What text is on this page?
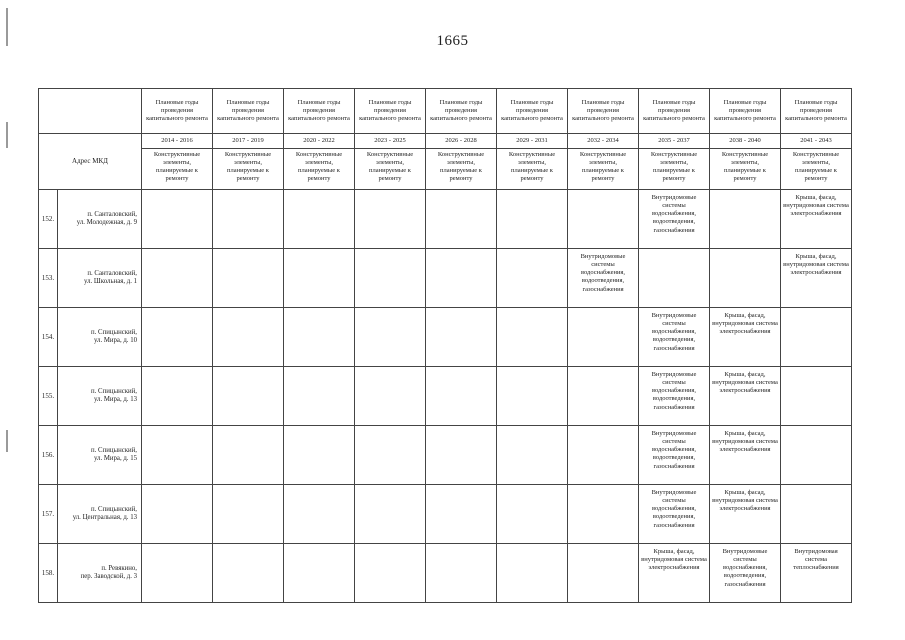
1665
		Плановые годы проведения капитального ремонта	Плановые годы проведения капитального ремонта	Плановые годы проведения капитального ремонта	Плановые годы проведения капитального ремонта	Плановые годы проведения капитального ремонта	Плановые годы проведения капитального ремонта	Плановые годы проведения капитального ремонта	Плановые годы проведения капитального ремонта	Плановые годы проведения капитального ремонта	Плановые годы проведения капитального ремонта
Адрес МКД		2014 - 2016	2017 - 2019	2020 - 2022	2023 - 2025	2026 - 2028	2029 - 2031	2032 - 2034	2035 - 2037	2038 - 2040	2041 - 2043
		Конструктивные элементы, планируемые к ремонту	Конструктивные элементы, планируемые к ремонту	Конструктивные элементы, планируемые к ремонту	Конструктивные элементы, планируемые к ремонту	Конструктивные элементы, планируемые к ремонту	Конструктивные элементы, планируемые к ремонту	Конструктивные элементы, планируемые к ремонту	Конструктивные элементы, планируемые к ремонту	Конструктивные элементы, планируемые к ремонту	Конструктивные элементы, планируемые к ремонту
152.	п. Санталовский,
ул. Молодежная, д. 9								Внутридомовые системы водоснабжения, водоотведения, газоснабжения		Крыша, фасад, внутридомовая система электроснабжения
153.	п. Санталовский,
ул. Школьная, д. 1							Внутридомовые системы водоснабжения, водоотведения, газоснабжения			Крыша, фасад, внутридомовая система электроснабжения
154.	п. Спицынский,
ул. Мира, д. 10								Внутридомовые системы водоснабжения, водоотведения, газоснабжения	Крыша, фасад, внутридомовая система электроснабжения	
155.	п. Спицынский,
ул. Мира, д. 13								Внутридомовые системы водоснабжения, водоотведения, газоснабжения	Крыша, фасад, внутридомовая система электроснабжения	
156.	п. Спицынский,
ул. Мира, д. 15								Внутридомовые системы водоснабжения, водоотведения, газоснабжения	Крыша, фасад, внутридомовая система электроснабжения	
157.	п. Спицынский,
ул. Центральная, д. 13								Внутридомовые системы водоснабжения, водоотведения, газоснабжения	Крыша, фасад, внутридомовая система электроснабжения	
158.	п. Ревякино,
пер. Заводской, д. 3								Крыша, фасад, внутридомовая система электроснабжения	Внутридомовые системы водоснабжения, водоотведения, газоснабжения	Внутридомовая система теплоснабжения
